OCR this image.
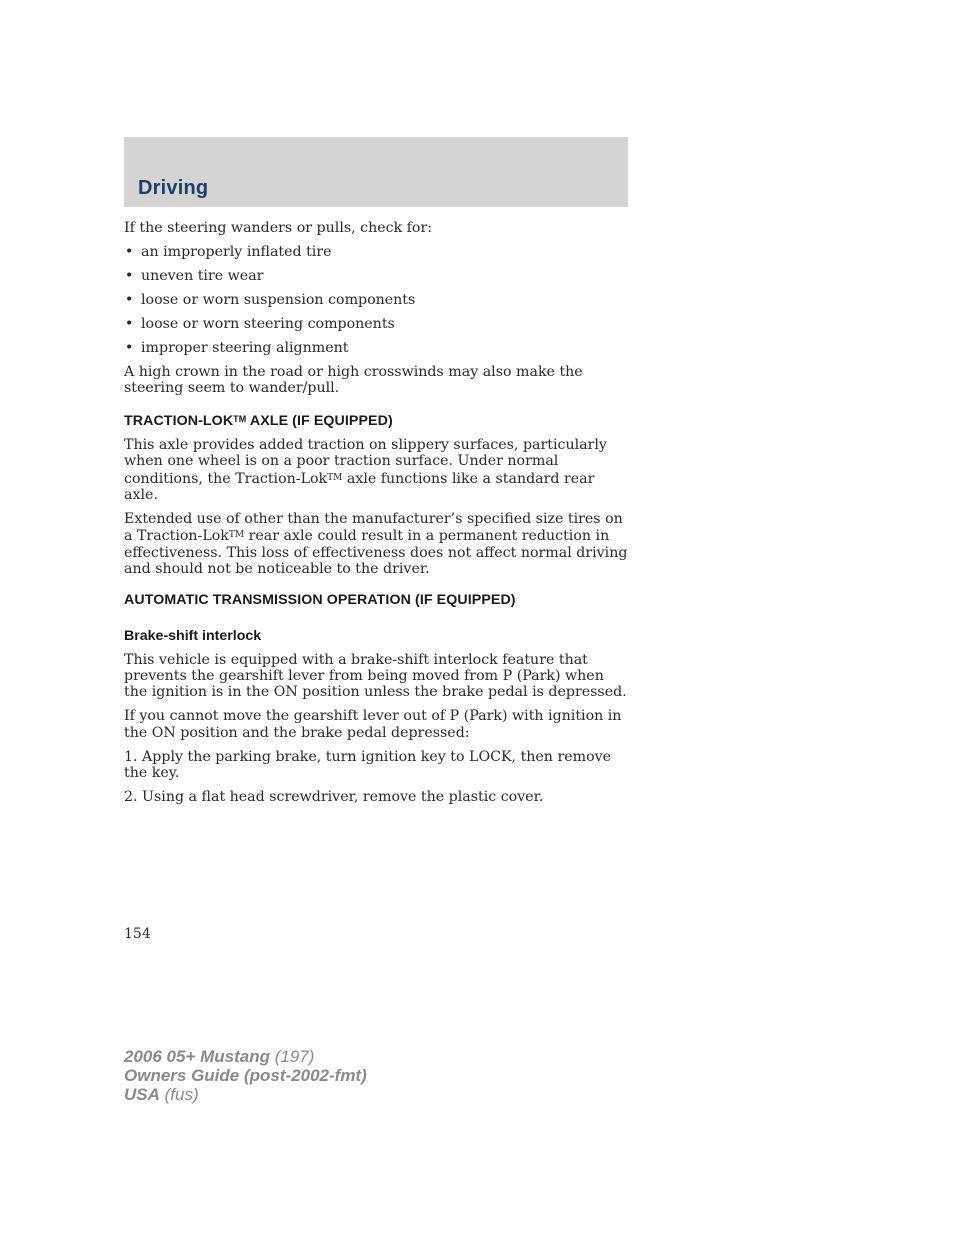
Driving

If the steering wanders or pulls, check for:

• an improperly inflated tire
• uneven tire wear
• loose or worn suspension components
• loose or worn steering components
• improper steering alignment

A high crown in the road or high crosswinds may also make the steering seem to wander/pull.

TRACTION-LOK™ AXLE (IF EQUIPPED)

This axle provides added traction on slippery surfaces, particularly when one wheel is on a poor traction surface. Under normal conditions, the Traction-Lok™ axle functions like a standard rear axle.

Extended use of other than the manufacturer’s specified size tires on a Traction-Lok™ rear axle could result in a permanent reduction in effectiveness. This loss of effectiveness does not affect normal driving and should not be noticeable to the driver.

AUTOMATIC TRANSMISSION OPERATION (IF EQUIPPED)
Brake-shift interlock

This vehicle is equipped with a brake-shift interlock feature that prevents the gearshift lever from being moved from P (Park) when the ignition is in the ON position unless the brake pedal is depressed.

If you cannot move the gearshift lever out of P (Park) with ignition in the ON position and the brake pedal depressed:

1. Apply the parking brake, turn ignition key to LOCK, then remove the key.

2. Using a flat head screwdriver, remove the plastic cover.

154
2006 05+ Mustang (197)
Owners Guide (post-2002-fmt)
USA (fus)
